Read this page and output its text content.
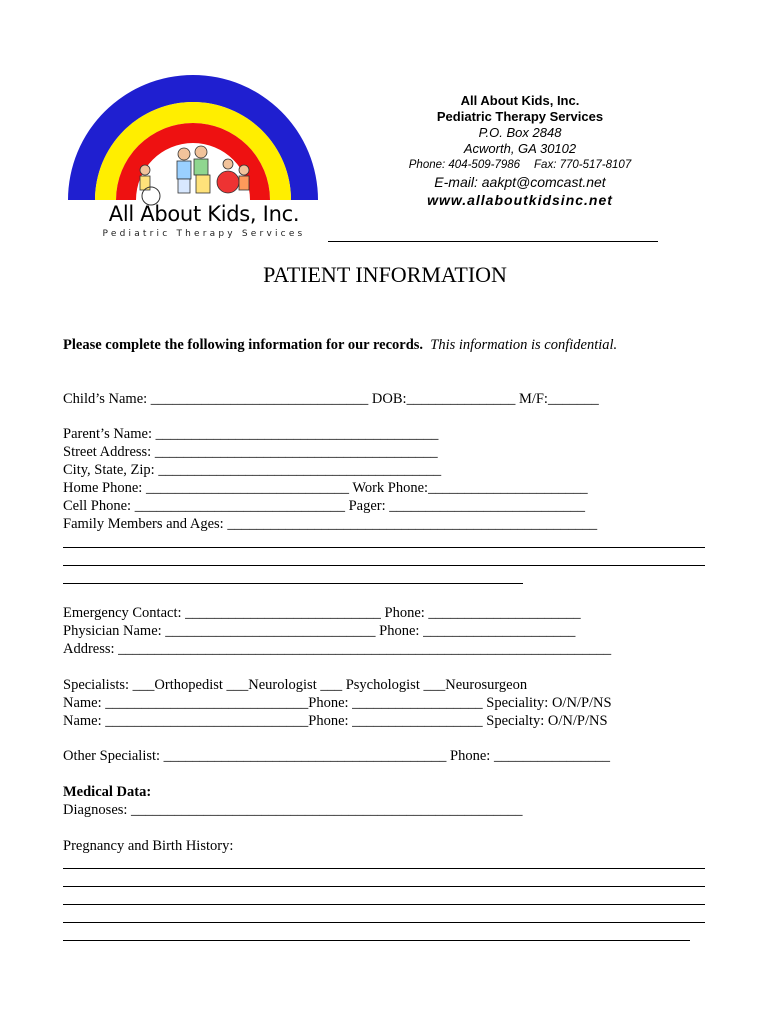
All About Kids, Inc.
Pediatric Therapy Services
All About Kids, Inc.
Pediatric Therapy Services
P.O. Box 2848
Acworth, GA 30102
Phone: 404-509-7986 Fax: 770-517-8107
E-mail: aakpt@comcast.net
www.allaboutkidsinc.net
PATIENT INFORMATION
Please complete the following information for our records. This information is confidential.
Child’s Name: ______________________________ DOB:_______________ M/F:_______
Parent’s Name: _______________________________________
Street Address: _______________________________________
City, State, Zip: _______________________________________
Home Phone: ____________________________ Work Phone:______________________
Cell Phone: _____________________________ Pager: ___________________________
Family Members and Ages: ___________________________________________________
Emergency Contact: ___________________________ Phone: _____________________
Physician Name: _____________________________ Phone: _____________________
Address: ____________________________________________________________________
Specialists: ___Orthopedist ___Neurologist ___ Psychologist ___Neurosurgeon
Name: ____________________________Phone: __________________ Speciality: O/N/P/NS
Name: ____________________________Phone: __________________ Specialty: O/N/P/NS
Other Specialist: _______________________________________ Phone: ________________
Medical Data:
Diagnoses: ______________________________________________________
Pregnancy and Birth History:
